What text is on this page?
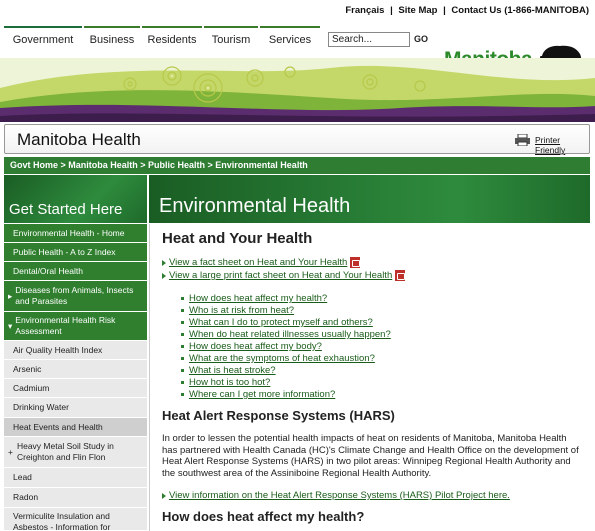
Français | Site Map | Contact Us (1-866-MANITOBA)
Government	Business	Residents	Tourism	Services	Search...	GO
Manitoba Health	Printer Friendly
Govt Home > Manitoba Health > Public Health > Environmental Health
Get Started Here
Environmental Health - Home
Public Health - A to Z Index
Dental/Oral Health
▸
Diseases from Animals, Insects and Parasites
▾
Environmental Health Risk Assessment
Air Quality Health Index
Arsenic
Cadmium
Drinking Water
Heat Events and Health
+
Heavy Metal Soil Study in Creighton and Flin Flon
Lead
Radon
Vermiculite Insulation and Asbestos - Information for
Environmental Health
Heat and Your Health
View a fact sheet on Heat and Your Health
View a large print fact sheet on Heat and Your Health
How does heat affect my health?
Who is at risk from heat?
What can I do to protect myself and others?
When do heat related illnesses usually happen?
How does heat affect my body?
What are the symptoms of heat exhaustion?
What is heat stroke?
How hot is too hot?
Where can I get more information?
Heat Alert Response Systems (HARS)
In order to lessen the potential health impacts of heat on residents of Manitoba, Manitoba Health has partnered with Health Canada (HC)'s Climate Change and Health Office on the development of Heat Alert Response Systems (HARS) in two pilot areas: Winnipeg Regional Health Authority and the southwest area of the Assiniboine Regional Health Authority.
View information on the Heat Alert Response Systems (HARS) Pilot Project here.
How does heat affect my health?
